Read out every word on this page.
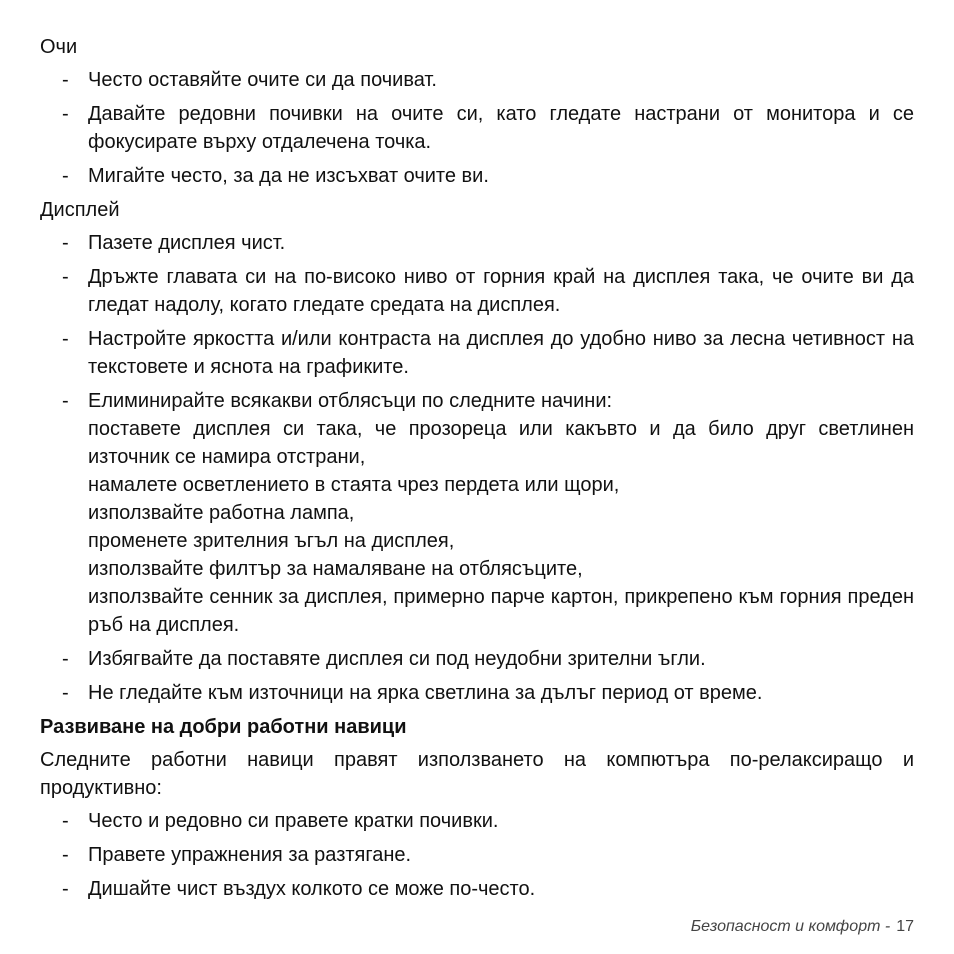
Очи
- Често оставяйте очите си да почиват.
- Давайте редовни почивки на очите си, като гледате настрани от монитора и се фокусирате върху отдалечена точка.
- Мигайте често, за да не изсъхват очите ви.
Дисплей
- Пазете дисплея чист.
- Дръжте главата си на по-високо ниво от горния край на дисплея така, че очите ви да гледат надолу, когато гледате средата на дисплея.
- Настройте яркостта и/или контраста на дисплея до удобно ниво за лесна четивност на текстовете и яснота на графиките.
- Елиминирайте всякакви отблясъци по следните начини:
поставете дисплея си така, че прозореца или какъвто и да било друг светлинен източник се намира отстрани,
намалете осветлението в стаята чрез пердета или щори,
използвайте работна лампа,
променете зрителния ъгъл на дисплея,
използвайте филтър за намаляване на отблясъците,
използвайте сенник за дисплея, примерно парче картон, прикрепено към горния преден ръб на дисплея.
- Избягвайте да поставяте дисплея си под неудобни зрителни ъгли.
- Не гледайте към източници на ярка светлина за дълъг период от време.
Развиване на добри работни навици
Следните работни навици правят използването на компютъра по-релаксиращо и продуктивно:
- Често и редовно си правете кратки почивки.
- Правете упражнения за разтягане.
- Дишайте чист въздух колкото се може по-често.
Безопасност и комфорт - 17
